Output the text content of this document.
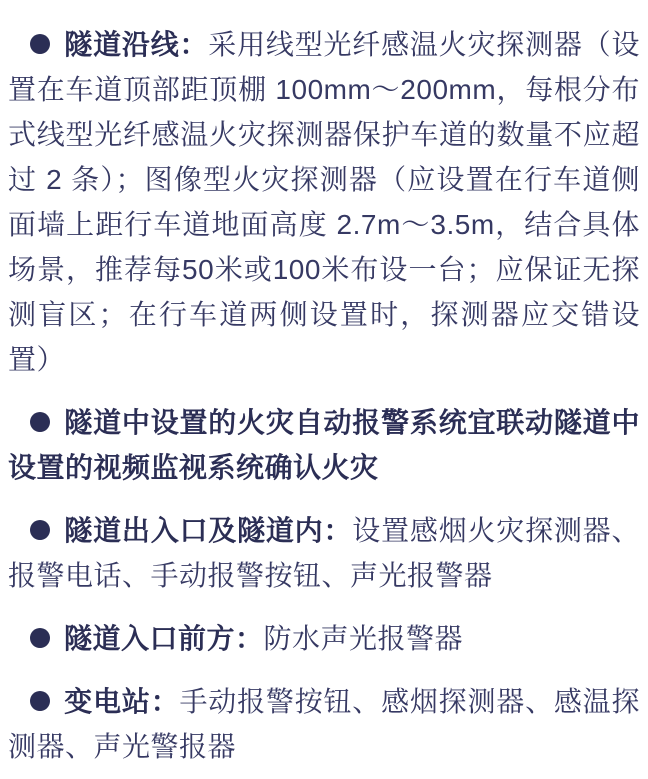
隧道沿线：采用线型光纤感温火灾探测器（设置在车道顶部距顶棚 100mm～200mm，每根分布式线型光纤感温火灾探测器保护车道的数量不应超过 2 条）；图像型火灾探测器（应设置在行车道侧面墙上距行车道地面高度 2.7m～3.5m，结合具体场景，推荐每50米或100米布设一台；应保证无探测盲区；在行车道两侧设置时，探测器应交错设置）

隧道中设置的火灾自动报警系统宜联动隧道中设置的视频监视系统确认火灾

隧道出入口及隧道内：设置感烟火灾探测器、报警电话、手动报警按钮、声光报警器

隧道入口前方：防水声光报警器

变电站：手动报警按钮、感烟探测器、感温探测器、声光警报器
